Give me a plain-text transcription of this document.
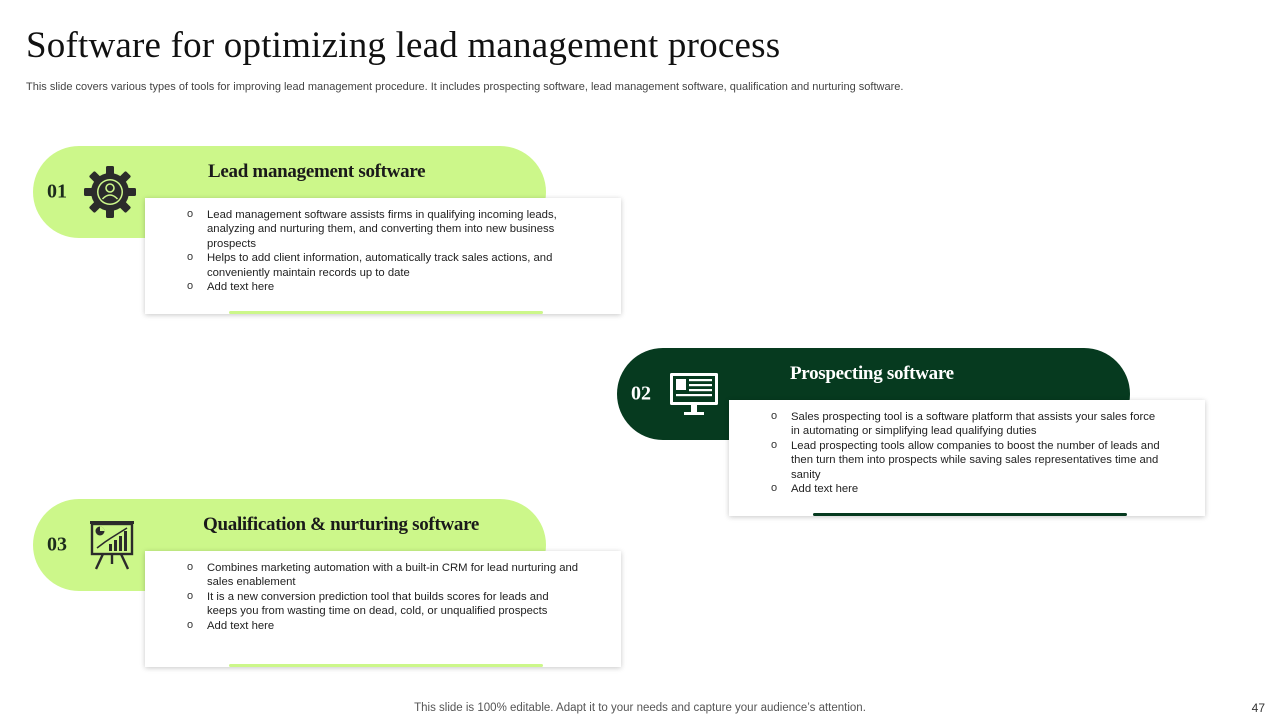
Software for optimizing lead management process
This slide covers various types of tools for improving lead management procedure. It includes prospecting software, lead management software, qualification and nurturing software.
01
Lead management software
o Lead management software assists firms in qualifying incoming leads, analyzing and nurturing them, and converting them into new business prospects
o Helps to add client information, automatically track sales actions, and conveniently maintain records up to date
o Add text here
02
Prospecting software
o Sales prospecting tool is a software platform that assists your sales force in automating or simplifying lead qualifying duties
o Lead prospecting tools allow companies to boost the number of leads and then turn them into prospects while saving sales representatives time and sanity
o Add text here
03
Qualification & nurturing software
o Combines marketing automation with a built-in CRM for lead nurturing and sales enablement
o It is a new conversion prediction tool that builds scores for leads and keeps you from wasting time on dead, cold, or unqualified prospects
o Add text here
This slide is 100% editable. Adapt it to your needs and capture your audience’s attention.	47
